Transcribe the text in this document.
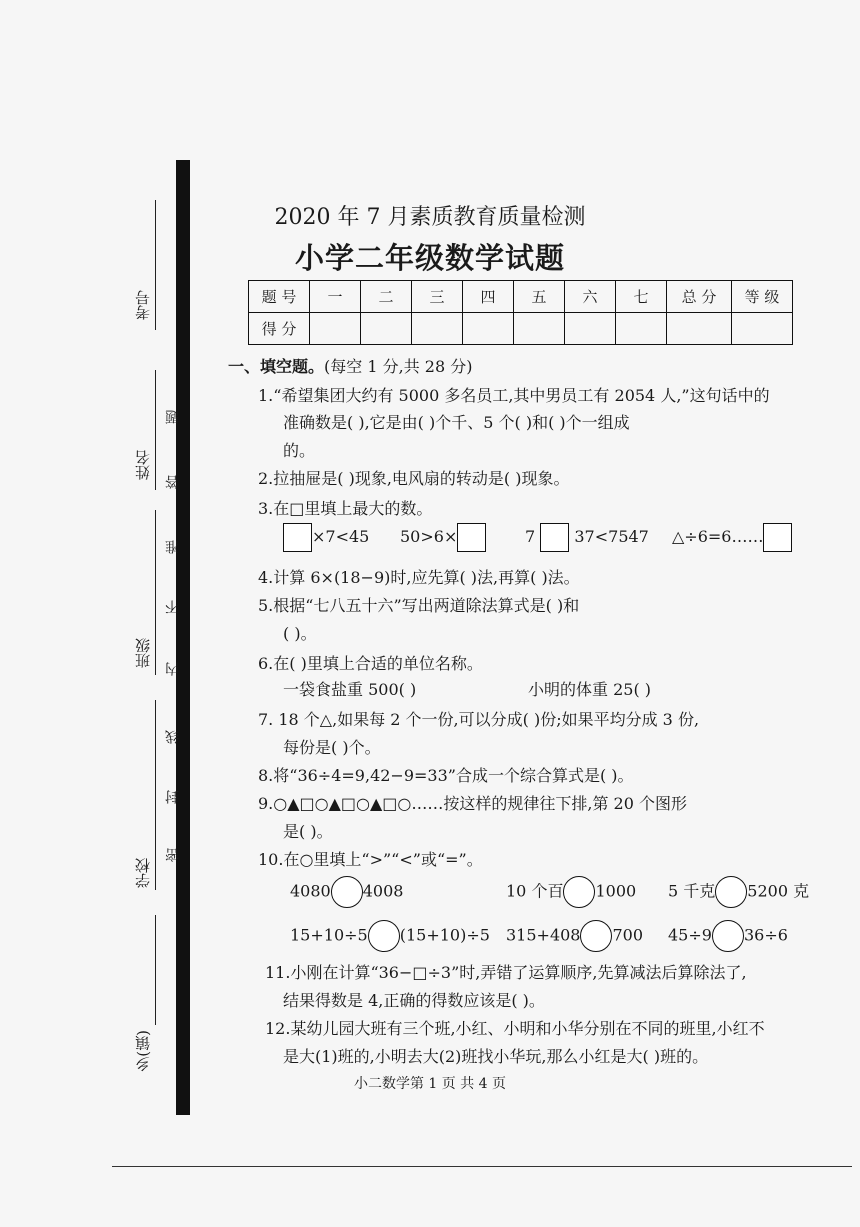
考号
姓名
班级
学校
乡(镇)
题
答
准
不
内
线
封
密
2020 年 7 月素质教育质量检测
小学二年级数学试题
题 号	一	二	三	四	五	六	七	总 分	等 级
得 分									
一、填空题。(每空 1 分,共 28 分)
1.“希望集团大约有 5000 多名员工,其中男员工有 2054 人,”这句话中的
准确数是( ),它是由( )个千、5 个( )和( )个一组成
的。
2.拉抽屉是( )现象,电风扇的转动是( )现象。
3.在□里填上最大的数。
×7<45 50>6×	7 37<7547 △÷6=6……
4.计算 6×(18−9)时,应先算( )法,再算( )法。
5.根据“七八五十六”写出两道除法算式是( )和
( )。
6.在( )里填上合适的单位名称。
一袋食盐重 500( )	小明的体重 25( )
7. 18 个△,如果每 2 个一份,可以分成( )份;如果平均分成 3 份,
每份是( )个。
8.将“36÷4=9,42−9=33”合成一个综合算式是( )。
9.○▲□○▲□○▲□○……按这样的规律往下排,第 20 个图形
是( )。
10.在○里填上“>”“<”或“=”。
4080 4008	10 个百 1000 5 千克 5200 克
15+10÷5 (15+10)÷5 315+408 700 45÷9 36÷6
11.小刚在计算“36−□÷3”时,弄错了运算顺序,先算减法后算除法了,
结果得数是 4,正确的得数应该是( )。
12.某幼儿园大班有三个班,小红、小明和小华分别在不同的班里,小红不
是大(1)班的,小明去大(2)班找小华玩,那么小红是大( )班的。
小二数学第 1 页 共 4 页
